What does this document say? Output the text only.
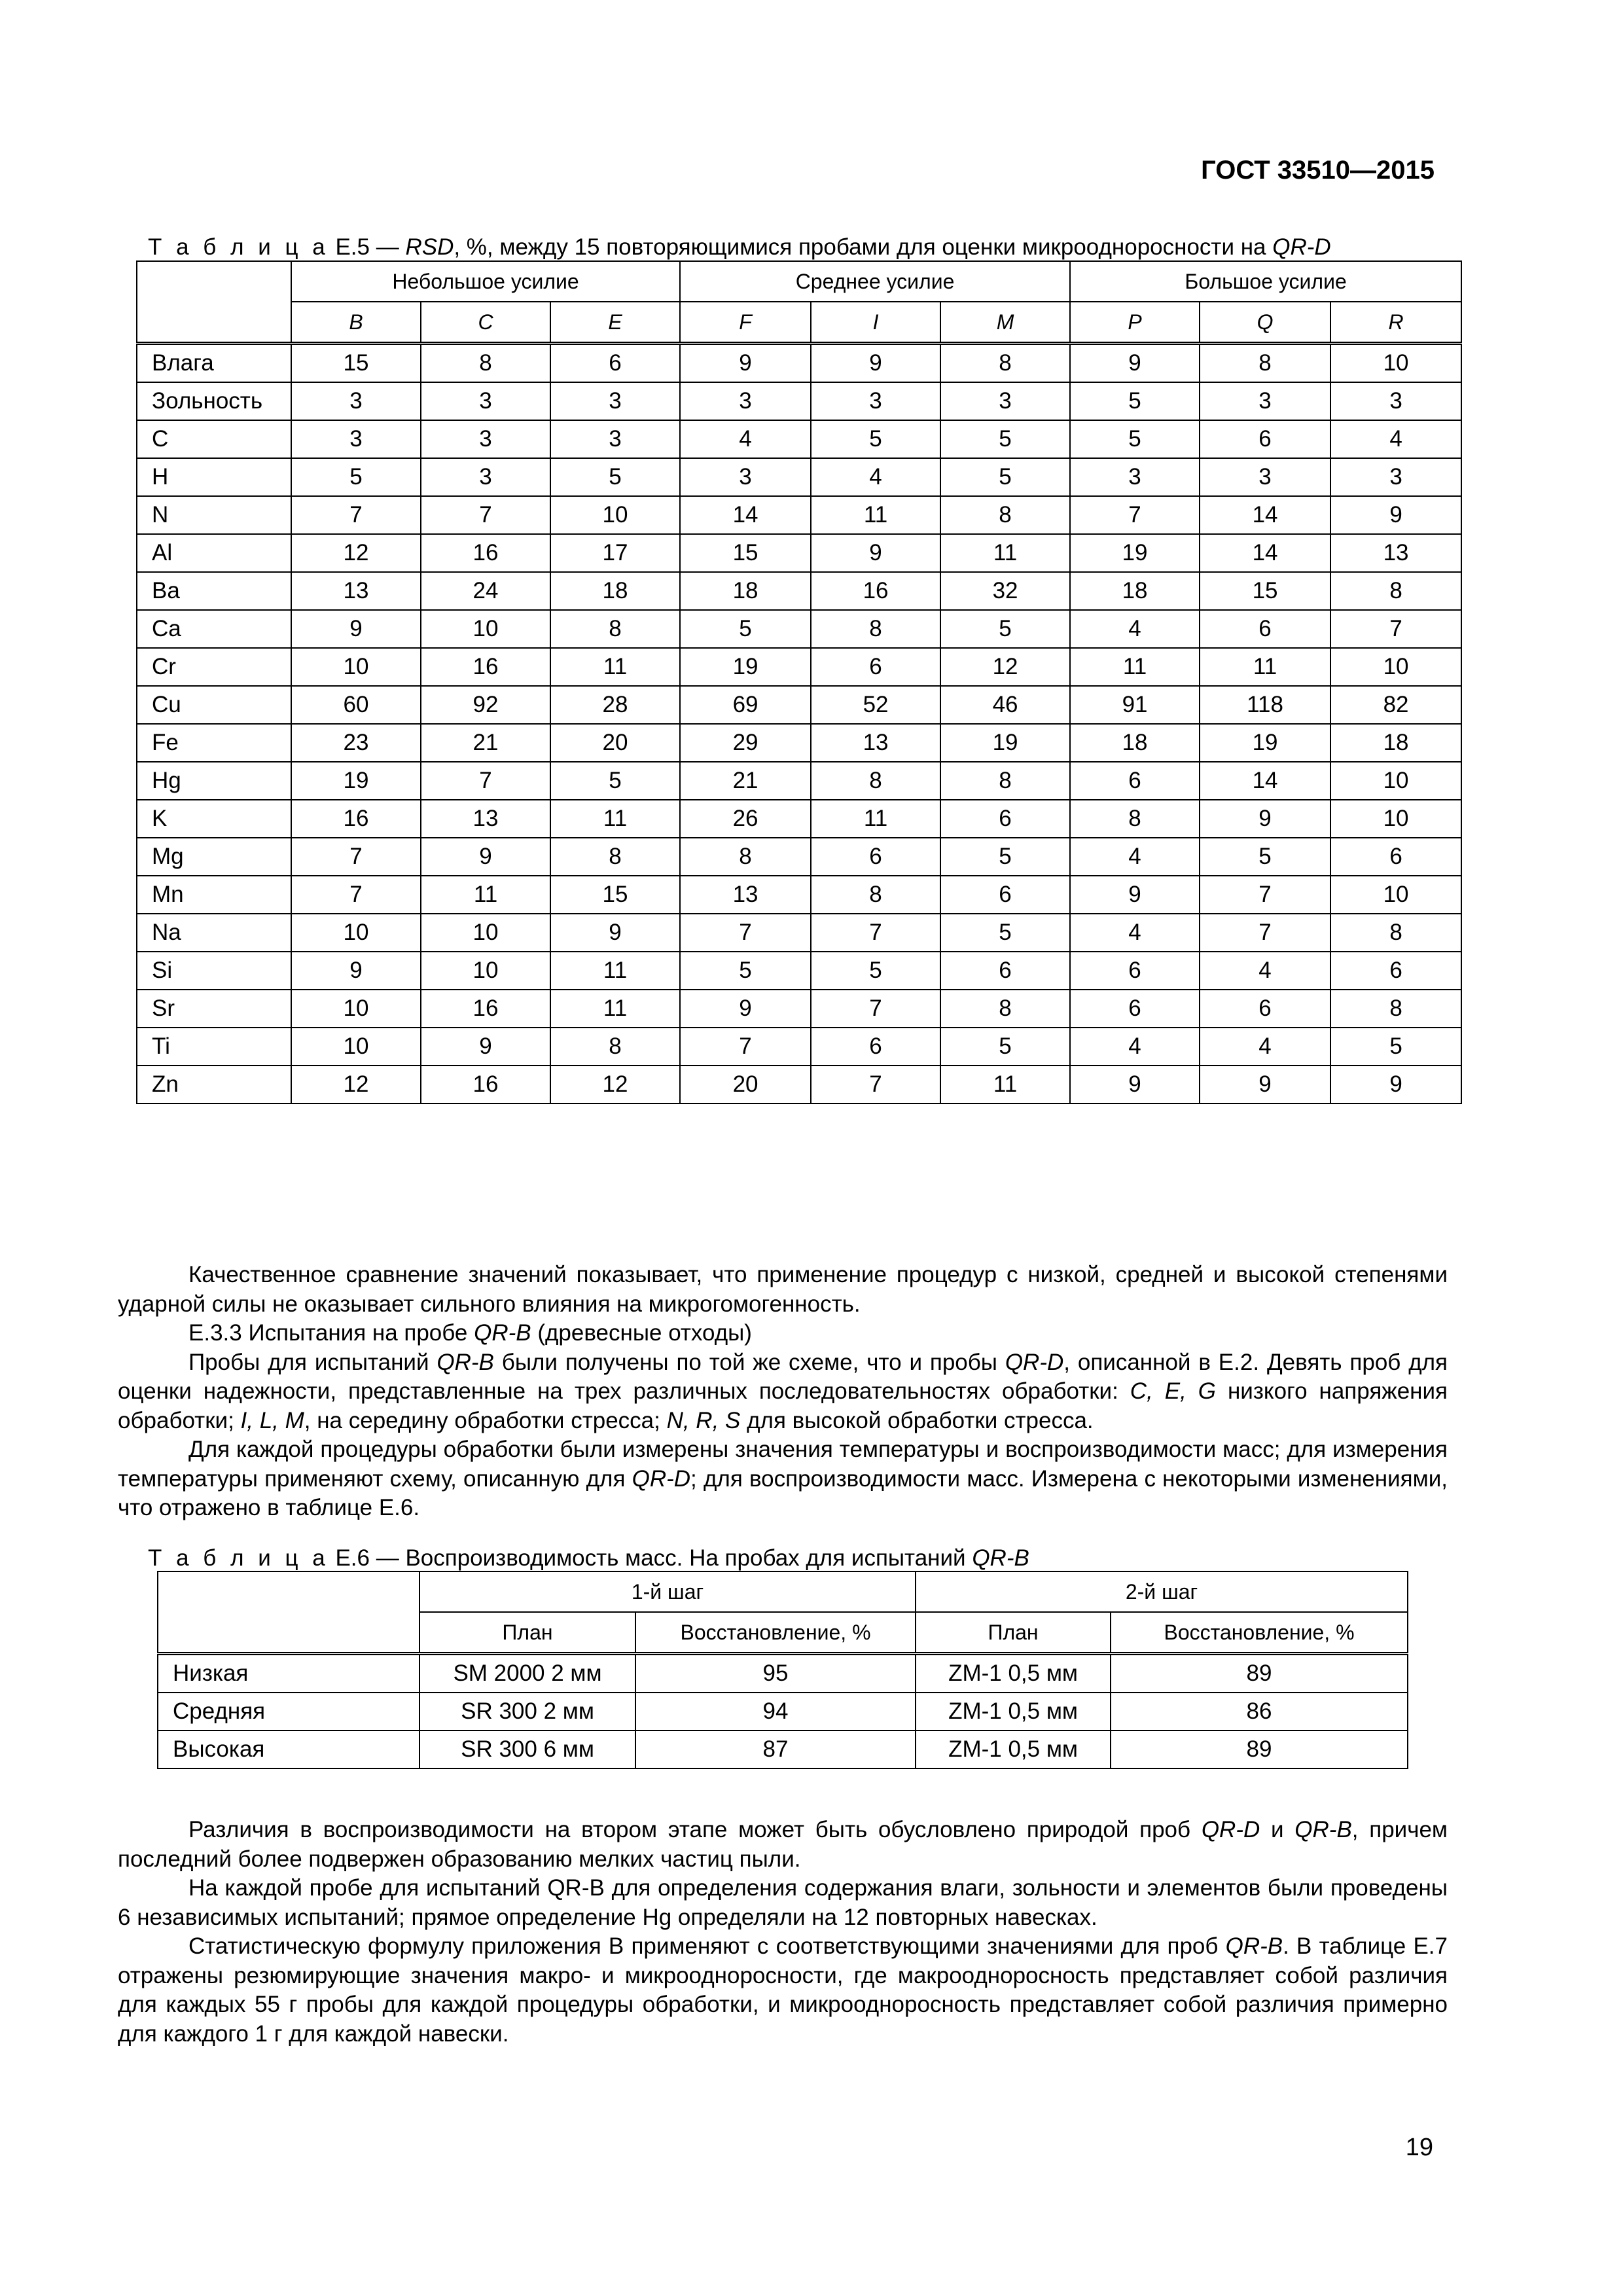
ГОСТ 33510—2015
Т а б л и ц а Е.5 — RSD, %, между 15 повторяющимися пробами для оценки микроодноросности на QR-D
	Небольшое усилие			Среднее усилие			Большое усилие		
	B	C	E	F	I	M	P	Q	R
Влага	15	8	6	9	9	8	9	8	10
Зольность	3	3	3	3	3	3	5	3	3
C	3	3	3	4	5	5	5	6	4
H	5	3	5	3	4	5	3	3	3
N	7	7	10	14	11	8	7	14	9
Al	12	16	17	15	9	11	19	14	13
Ba	13	24	18	18	16	32	18	15	8
Ca	9	10	8	5	8	5	4	6	7
Cr	10	16	11	19	6	12	11	11	10
Cu	60	92	28	69	52	46	91	118	82
Fe	23	21	20	29	13	19	18	19	18
Hg	19	7	5	21	8	8	6	14	10
K	16	13	11	26	11	6	8	9	10
Mg	7	9	8	8	6	5	4	5	6
Mn	7	11	15	13	8	6	9	7	10
Na	10	10	9	7	7	5	4	7	8
Si	9	10	11	5	5	6	6	4	6
Sr	10	16	11	9	7	8	6	6	8
Ti	10	9	8	7	6	5	4	4	5
Zn	12	16	12	20	7	11	9	9	9

Качественное сравнение значений показывает, что применение процедур с низкой, средней и высокой степенями ударной силы не оказывает сильного влияния на микрогомогенность.

Е.3.3 Испытания на пробе QR-B (древесные отходы)

Пробы для испытаний QR-B были получены по той же схеме, что и пробы QR-D, описанной в Е.2. Девять проб для оценки надежности, представленные на трех различных последовательностях обработки: C, E, G низкого напряжения обработки; I, L, M, на середину обработки стресса; N, R, S для высокой обработки стресса.

Для каждой процедуры обработки были измерены значения температуры и воспроизводимости масс; для измерения температуры применяют схему, описанную для QR-D; для воспроизводимости масс. Измерена с некоторыми изменениями, что отражено в таблице Е.6.

Т а б л и ц а Е.6 — Воспроизводимость масс. На пробах для испытаний QR-B
	1-й шаг		2-й шаг	
	План	Восстановление, %	План	Восстановление, %
Низкая	SM 2000 2 мм	95	ZM-1 0,5 мм	89
Средняя	SR 300 2 мм	94	ZM-1 0,5 мм	86
Высокая	SR 300 6 мм	87	ZM-1 0,5 мм	89

Различия в воспроизводимости на втором этапе может быть обусловлено природой проб QR-D и QR-B, причем последний более подвержен образованию мелких частиц пыли.

На каждой пробе для испытаний QR-B для определения содержания влаги, зольности и элементов были проведены 6 независимых испытаний; прямое определение Hg определяли на 12 повторных навесках.

Статистическую формулу приложения В применяют с соответствующими значениями для проб QR-B. В таблице Е.7 отражены резюмирующие значения макро- и микроодноросности, где макроодноросность представляет собой различия для каждых 55 г пробы для каждой процедуры обработки, и микроодноросность представляет собой различия примерно для каждого 1 г для каждой навески.

19
